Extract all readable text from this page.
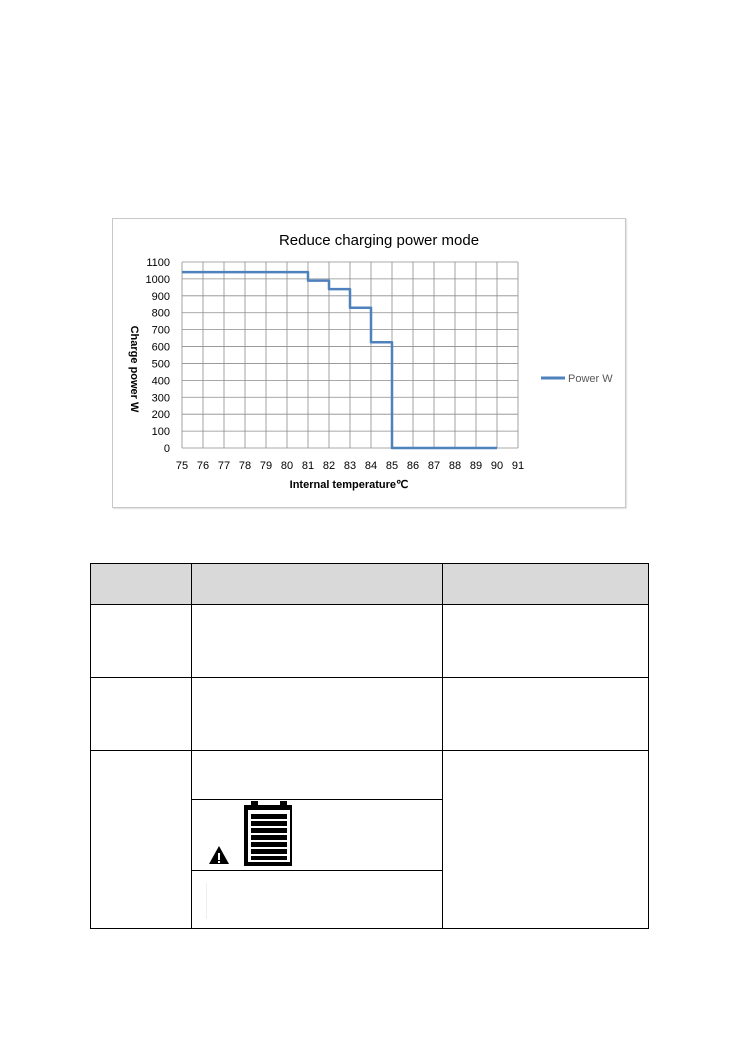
Reduce charging power mode
75 76 77 78 79 80 81 82 83 84 85 86 87 88 89 90 91
0
100
200
300
400
500
600
700
800
900
1000
1100
Charge power W
Internal temperature℃
Power W
